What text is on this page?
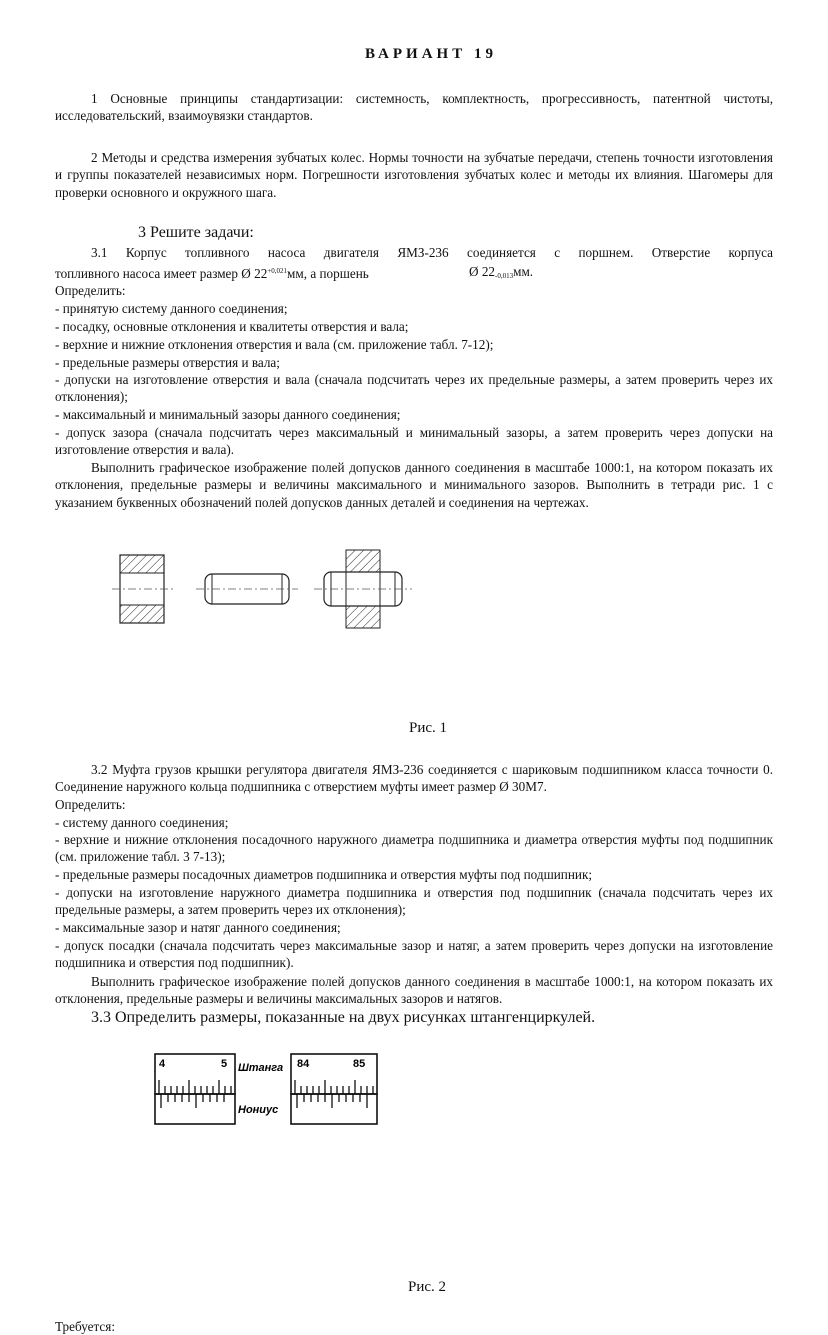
ВАРИАНТ 19

1 Основные принципы стандартизации: системность, комплектность, прогрессивность, патентной чистоты, исследовательский, взаимоувязки стандартов.

2 Методы и средства измерения зубчатых колес. Нормы точности на зубчатые передачи, степень точности изготовления и группы показателей независимых норм. Погрешности изготовления зубчатых колес и методы их влияния. Шагомеры для проверки основного и окружного шага.

3 Решите задачи:

3.1 Корпус топливного насоса двигателя ЯМЗ-236 соединяется с поршнем. Отверстие корпуса

топливного насоса имеет размер Ø $22^{+0,021}мм$, а поршень	Ø $22_{-0,013}мм$.
Определить:
- принятую систему данного соединения;
- посадку, основные отклонения и квалитеты отверстия и вала;
- верхние и нижние отклонения отверстия и вала (см. приложение табл. 7-12);
- предельные размеры отверстия и вала;

- допуски на изготовление отверстия и вала (сначала подсчитать через их предельные размеры, а затем проверить через их отклонения);

- максимальный и минимальный зазоры данного соединения;

- допуск зазора (сначала подсчитать через максимальный и минимальный зазоры, а затем проверить через допуски на изготовление отверстия и вала).

Выполнить графическое изображение полей допусков данного соединения в масштабе 1000:1, на котором показать их отклонения, предельные размеры и величины максимального и минимального зазоров. Выполнить в тетради рис. 1 с указанием буквенных обозначений полей допусков данных деталей и соединения на чертежах.

Рис. 1

3.2 Муфта грузов крышки регулятора двигателя ЯМЗ-236 соединяется с шариковым подшипником класса точности 0. Соединение наружного кольца подшипника с отверстием муфты имеет размер Ø 30М7.

Определить:
- систему данного соединения;

- верхние и нижние отклонения посадочного наружного диаметра подшипника и диаметра отверстия муфты под подшипник (см. приложение табл. 3 7-13);

- предельные размеры посадочных диаметров подшипника и отверстия муфты под подшипник;

- допуски на изготовление наружного диаметра подшипника и отверстия под подшипник (сначала подсчитать через их предельные размеры, а затем проверить через их отклонения);

- максимальные зазор и натяг данного соединения;

- допуск посадки (сначала подсчитать через максимальные зазор и натяг, а затем проверить через допуски на изготовление подшипника и отверстия под подшипник).

Выполнить графическое изображение полей допусков данного соединения в масштабе 1000:1, на котором показать их отклонения, предельные размеры и величины максимальных зазоров и натягов.

3.3 Определить размеры, показанные на двух рисунках штангенциркулей.
4	5 Штанга
Нониус
84	85
Рис. 2
Требуется:
